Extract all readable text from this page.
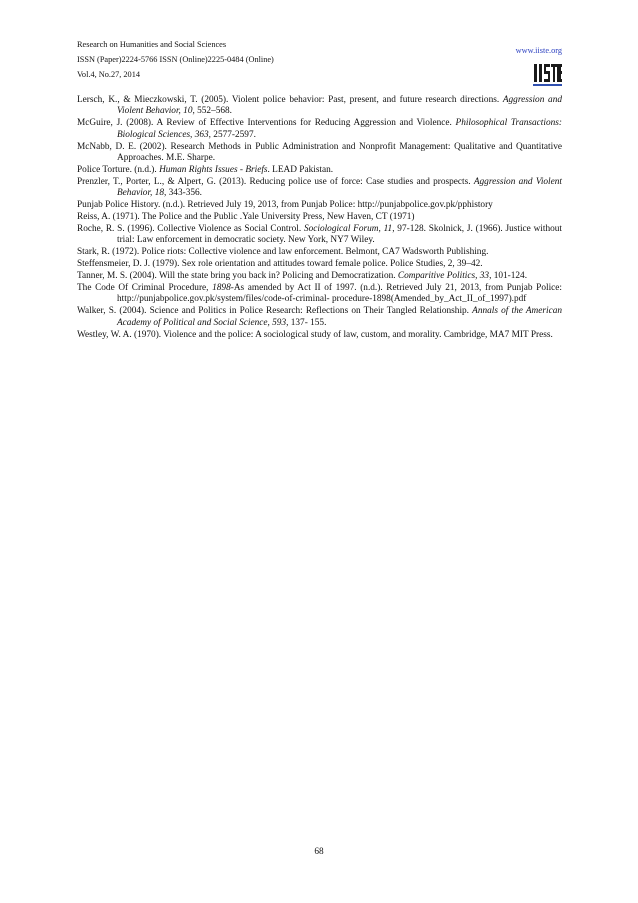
Research on Humanities and Social Sciences
ISSN (Paper)2224-5766 ISSN (Online)2225-0484 (Online)
Vol.4, No.27, 2014
www.iiste.org

Lersch, K., & Mieczkowski, T. (2005). Violent police behavior: Past, present, and future research directions. Aggression and Violent Behavior, 10, 552–568.

McGuire, J. (2008). A Review of Effective Interventions for Reducing Aggression and Violence. Philosophical Transactions: Biological Sciences, 363, 2577-2597.

McNabb, D. E. (2002). Research Methods in Public Administration and Nonprofit Management: Qualitative and Quantitative Approaches. M.E. Sharpe.

Police Torture. (n.d.). Human Rights Issues - Briefs. LEAD Pakistan.

Prenzler, T., Porter, L., & Alpert, G. (2013). Reducing police use of force: Case studies and prospects. Aggression and Violent Behavior, 18, 343-356.

Punjab Police History. (n.d.). Retrieved July 19, 2013, from Punjab Police: http://punjabpolice.gov.pk/pphistory

Reiss, A. (1971). The Police and the Public .Yale University Press, New Haven, CT (1971)

Roche, R. S. (1996). Collective Violence as Social Control. Sociological Forum, 11, 97-128. Skolnick, J. (1966). Justice without trial: Law enforcement in democratic society. New York, NY7 Wiley.

Stark, R. (1972). Police riots: Collective violence and law enforcement. Belmont, CA7 Wadsworth Publishing.

Steffensmeier, D. J. (1979). Sex role orientation and attitudes toward female police. Police Studies, 2, 39–42.

Tanner, M. S. (2004). Will the state bring you back in? Policing and Democratization. Comparitive Politics, 33, 101-124.

The Code Of Criminal Procedure, 1898-As amended by Act II of 1997. (n.d.). Retrieved July 21, 2013, from Punjab Police: http://punjabpolice.gov.pk/system/files/code-of-criminal- procedure-1898(Amended_by_Act_II_of_1997).pdf

Walker, S. (2004). Science and Politics in Police Research: Reflections on Their Tangled Relationship. Annals of the American Academy of Political and Social Science, 593, 137- 155.

Westley, W. A. (1970). Violence and the police: A sociological study of law, custom, and morality. Cambridge, MA7 MIT Press.

68
